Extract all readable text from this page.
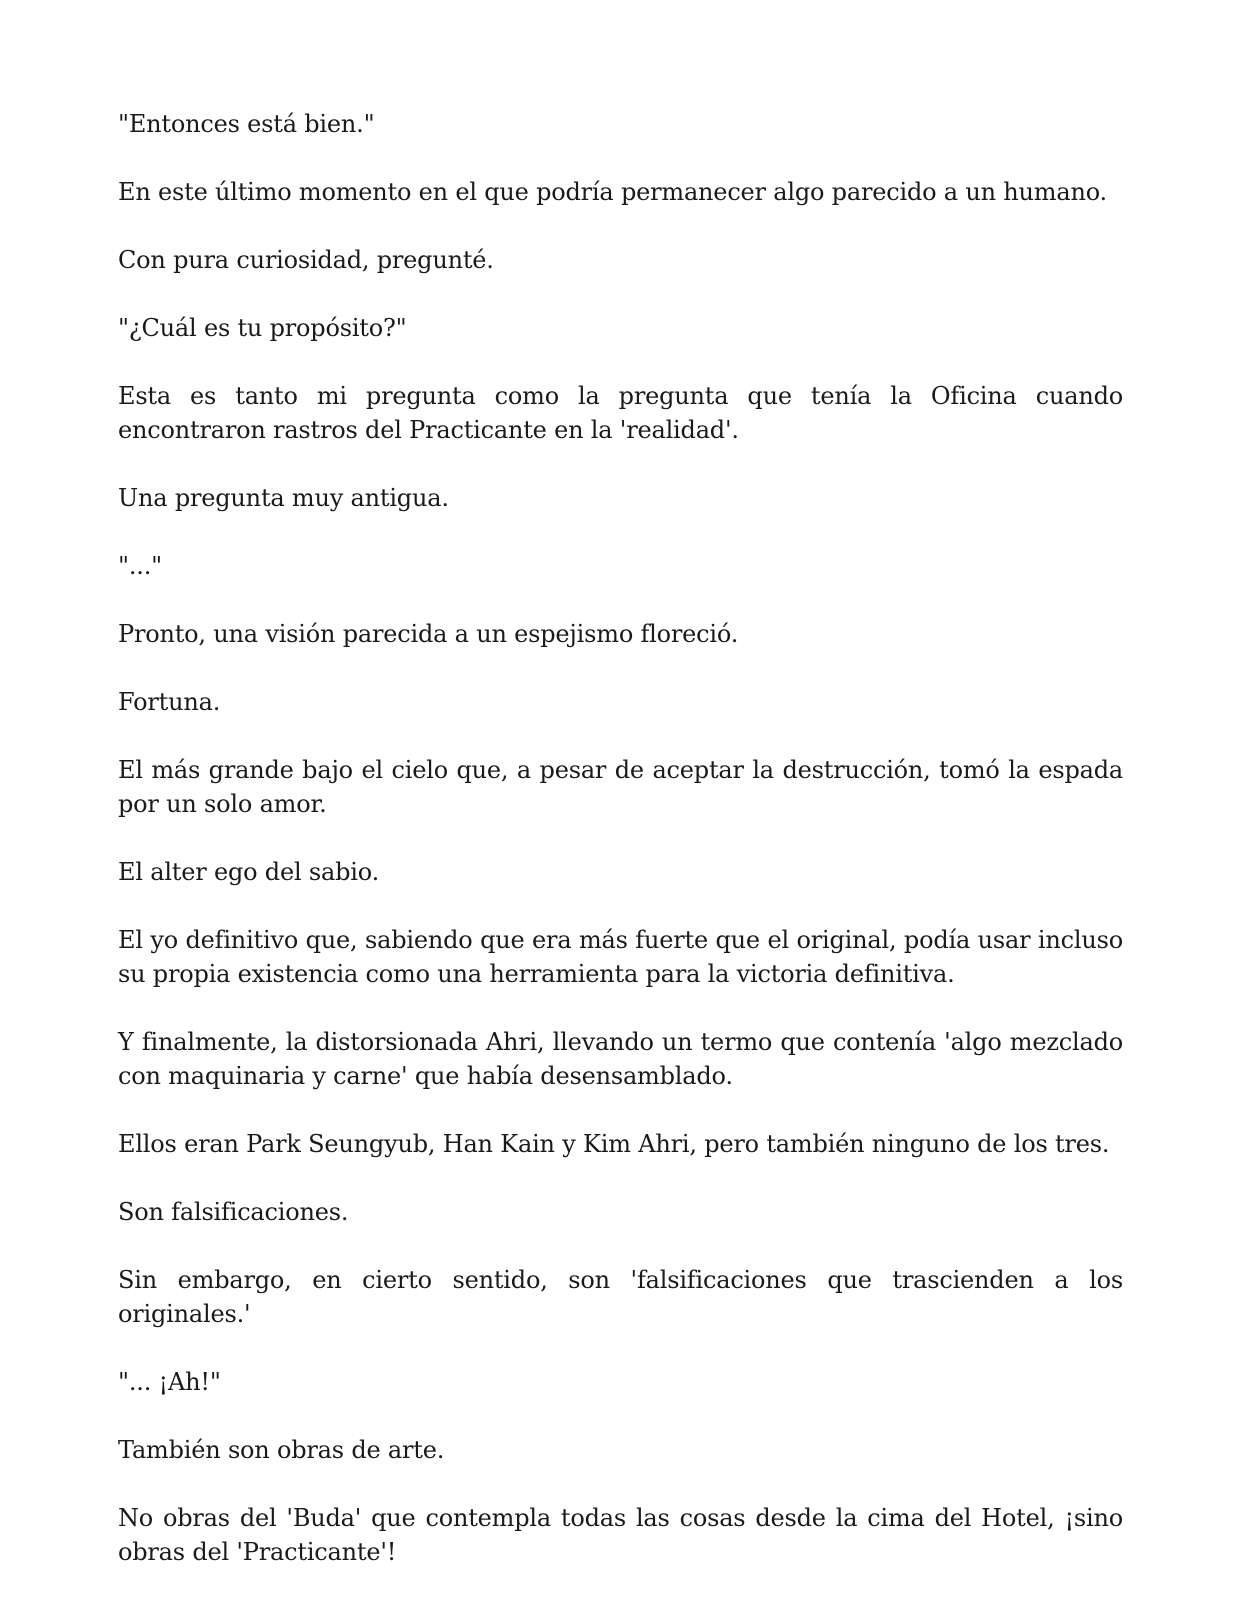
"Entonces está bien."

En este último momento en el que podría permanecer algo parecido a un humano.

Con pura curiosidad, pregunté.

"¿Cuál es tu propósito?"

Esta es tanto mi pregunta como la pregunta que tenía la Oficina cuando encontraron rastros del Practicante en la 'realidad'.

Una pregunta muy antigua.

"..."

Pronto, una visión parecida a un espejismo floreció.

Fortuna.

El más grande bajo el cielo que, a pesar de aceptar la destrucción, tomó la espada por un solo amor.

El alter ego del sabio.

El yo definitivo que, sabiendo que era más fuerte que el original, podía usar incluso su propia existencia como una herramienta para la victoria definitiva.

Y finalmente, la distorsionada Ahri, llevando un termo que contenía 'algo mezclado con maquinaria y carne' que había desensamblado.

Ellos eran Park Seungyub, Han Kain y Kim Ahri, pero también ninguno de los tres.

Son falsificaciones.

Sin embargo, en cierto sentido, son 'falsificaciones que trascienden a los originales.'

"... ¡Ah!"

También son obras de arte.

No obras del 'Buda' que contempla todas las cosas desde la cima del Hotel, ¡sino obras del 'Practicante'!
